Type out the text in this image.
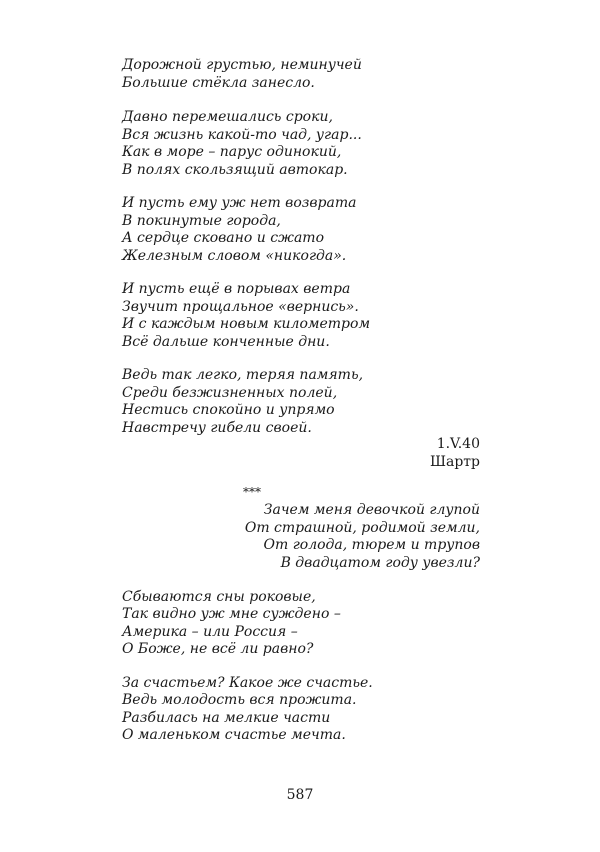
Дорожной грустью, неминучей
Большие стёкла занесло.
Давно перемешались сроки,
Вся жизнь какой-то чад, угар...
Как в море – парус одинокий,
В полях скользящий автокар.
И пусть ему уж нет возврата
В покинутые города,
А сердце сковано и сжато
Железным словом «никогда».
И пусть ещё в порывах ветра
Звучит прощальное «вернись».
И с каждым новым километром
Всё дальше конченные дни.
Ведь так легко, теряя память,
Среди безжизненных полей,
Нестись спокойно и упрямо
Навстречу гибели своей.
1.V.40
Шартр
***
Зачем меня девочкой глупой
От страшной, родимой земли,
От голода, тюрем и трупов
В двадцатом году увезли?
Сбываются сны роковые,
Так видно уж мне суждено –
Америка – или Россия –
О Боже, не всё ли равно?
За счастьем? Какое же счастье.
Ведь молодость вся прожита.
Разбилась на мелкие части
О маленьком счастье мечта.
587
